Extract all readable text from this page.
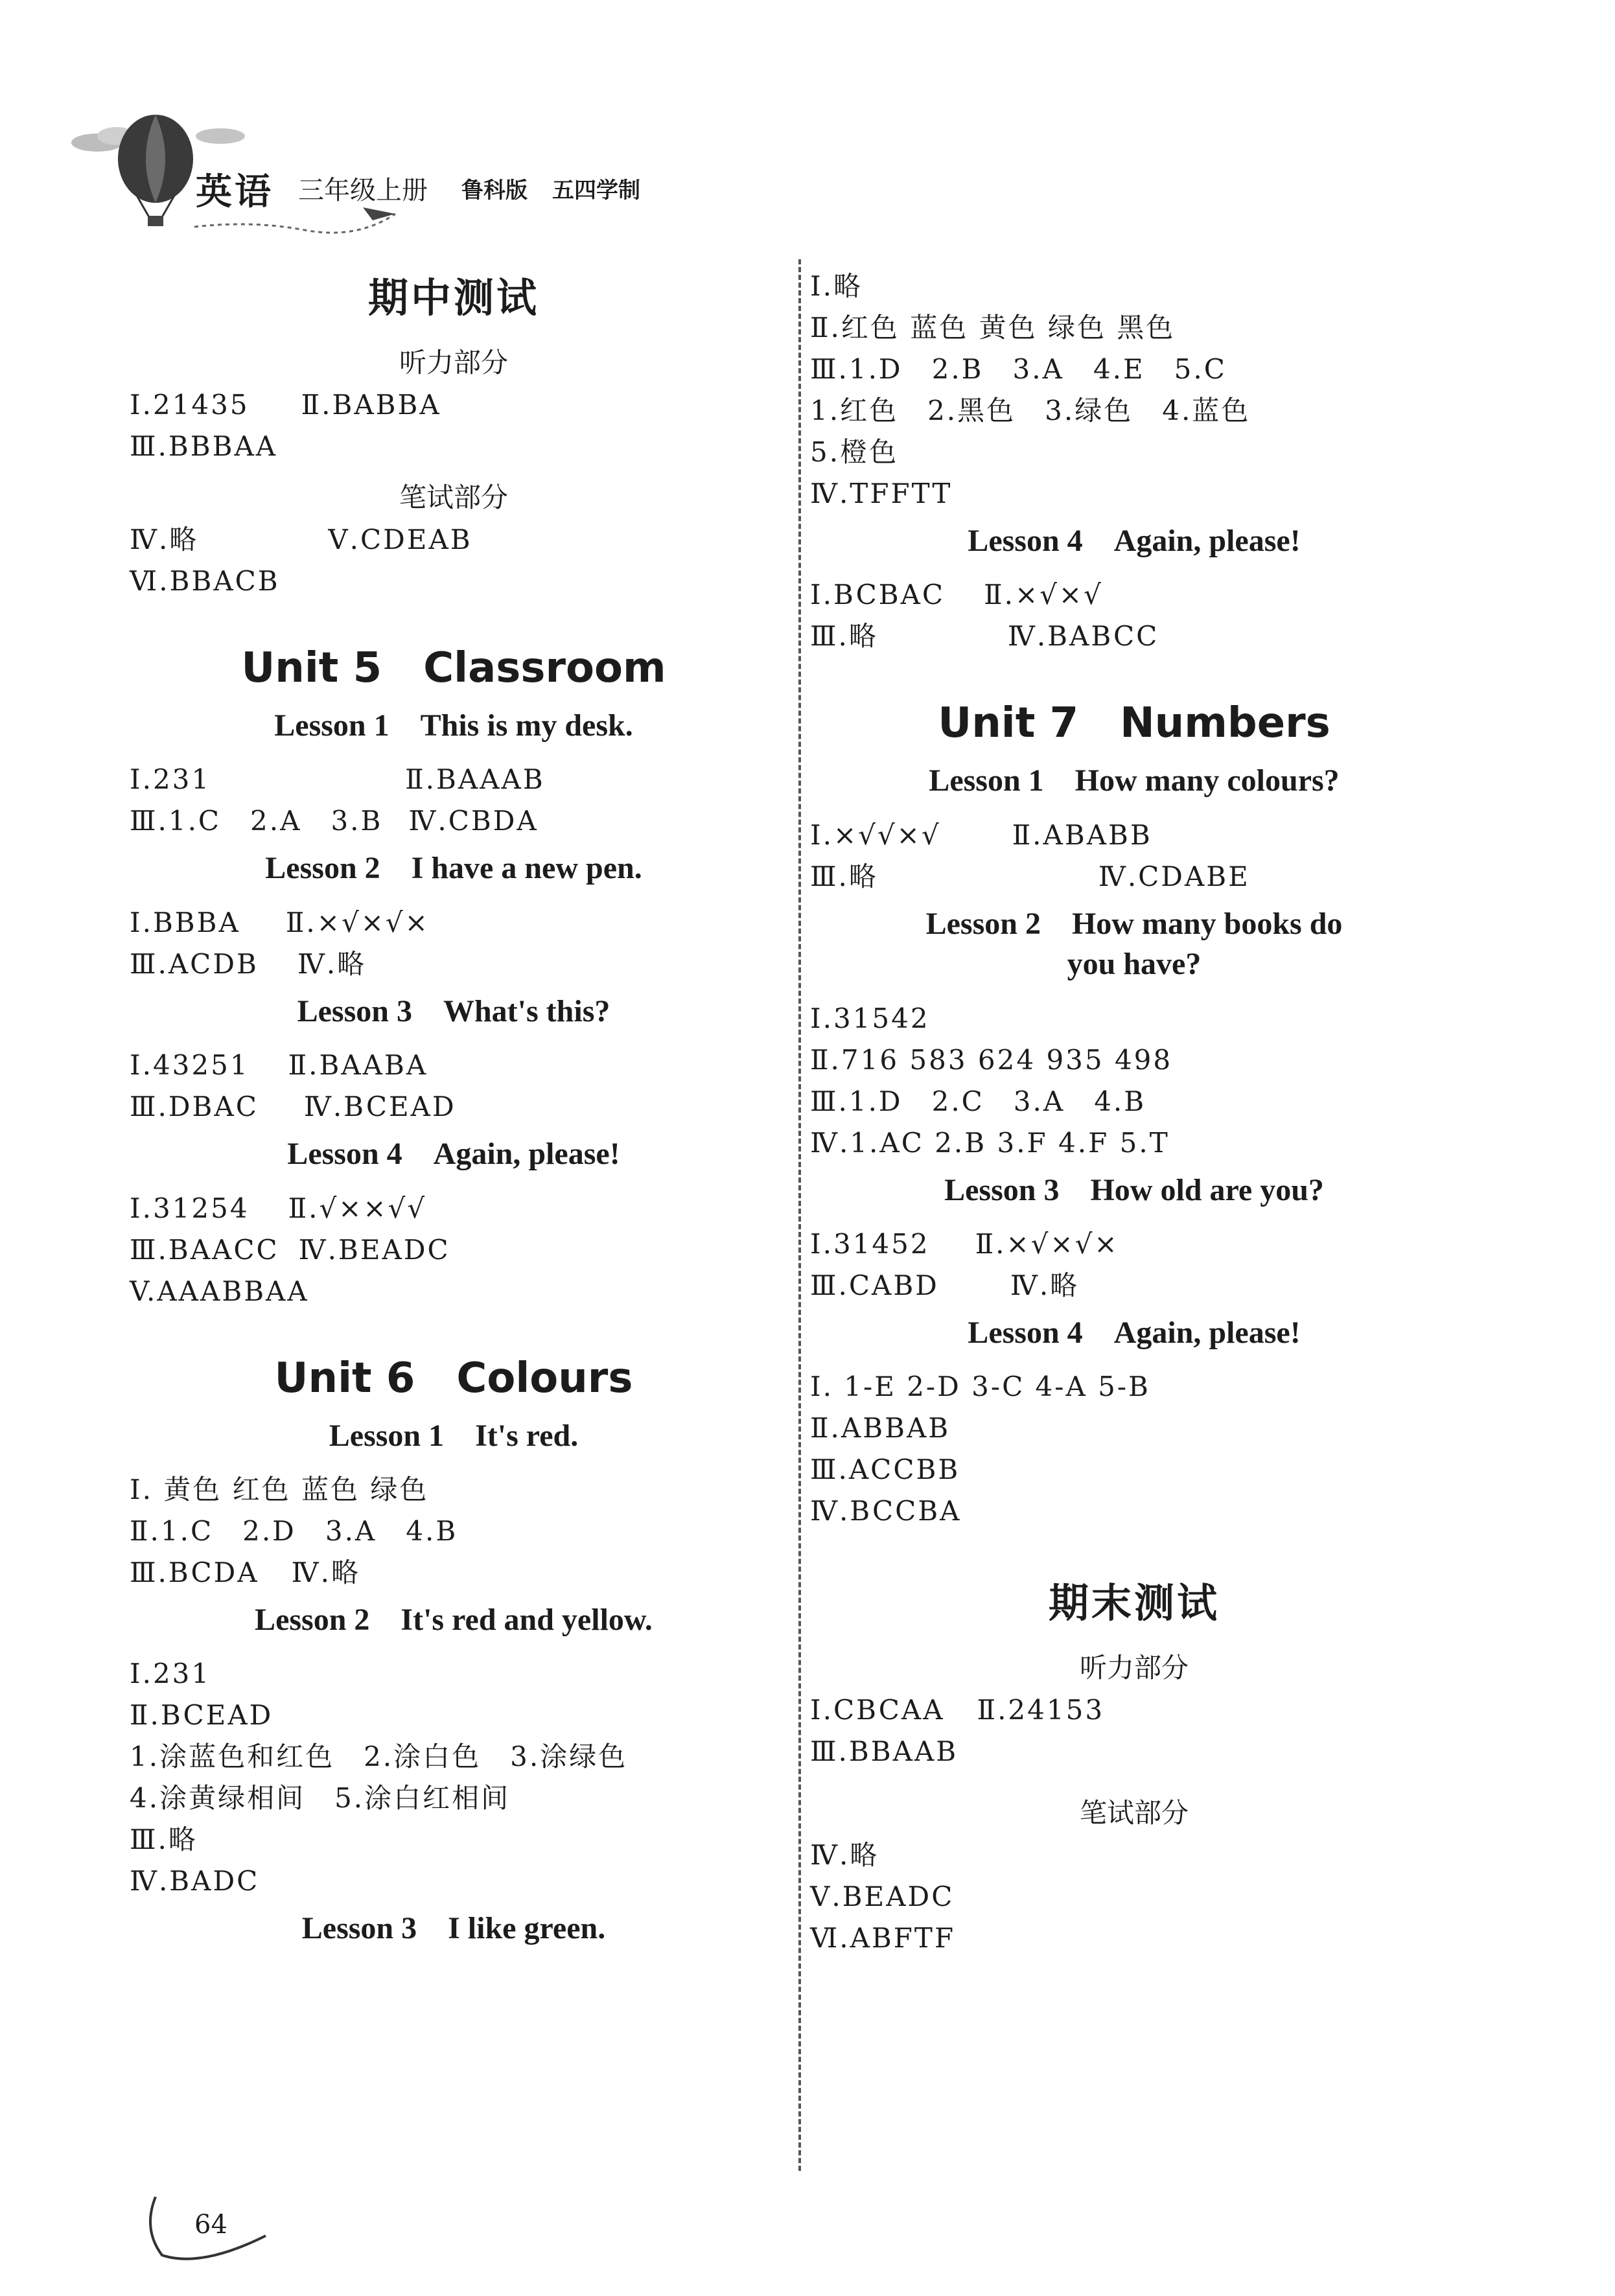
英语 三年级上册 鲁科版 五四学制
期中测试
听力部分
Ⅰ.21435 Ⅱ.BABBA
Ⅲ.BBBAA
笔试部分
Ⅳ.略	Ⅴ.CDEAB
Ⅵ.BBACB
Unit 5　Classroom
Lesson 1　This is my desk.
Ⅰ.231	Ⅱ.BAAAB
Ⅲ.1.C　2.A　3.B Ⅳ.CBDA
Lesson 2　I have a new pen.
Ⅰ.BBBA Ⅱ.×√×√×
Ⅲ.ACDB Ⅳ.略
Lesson 3　What's this?
Ⅰ.43251 Ⅱ.BAABA
Ⅲ.DBAC Ⅳ.BCEAD
Lesson 4　Again, please!
Ⅰ.31254 Ⅱ.√××√√
Ⅲ.BAACC Ⅳ.BEADC
V.AAABBAA
Unit 6　Colours
Lesson 1　It's red.
Ⅰ. 黄色 红色 蓝色 绿色
Ⅱ.1.C　2.D　3.A　4.B
Ⅲ.BCDA Ⅳ.略
Lesson 2　It's red and yellow.
Ⅰ.231
Ⅱ.BCEAD
1.涂蓝色和红色　2.涂白色　3.涂绿色
4.涂黄绿相间　5.涂白红相间
Ⅲ.略
Ⅳ.BADC
Lesson 3　I like green.
Ⅰ.略
Ⅱ.红色 蓝色 黄色 绿色 黑色
Ⅲ.1.D　2.B　3.A　4.E　5.C
1.红色　2.黑色　3.绿色　4.蓝色
5.橙色
Ⅳ.TFFTT
Lesson 4　Again, please!
Ⅰ.BCBAC Ⅱ.×√×√
Ⅲ.略	Ⅳ.BABCC
Unit 7　Numbers
Lesson 1　How many colours?
Ⅰ.×√√×√	Ⅱ.ABABB
Ⅲ.略	Ⅳ.CDABE
Lesson 2　How many books do you have?
Ⅰ.31542
Ⅱ.716 583 624 935 498
Ⅲ.1.D　2.C　3.A　4.B
Ⅳ.1.AC 2.B 3.F 4.F 5.T
Lesson 3　How old are you?
Ⅰ.31452 Ⅱ.×√×√×
Ⅲ.CABD	Ⅳ.略
Lesson 4　Again, please!
Ⅰ. 1-E 2-D 3-C 4-A 5-B
Ⅱ.ABBAB
Ⅲ.ACCBB
Ⅳ.BCCBA
期末测试
听力部分
Ⅰ.CBCAA Ⅱ.24153
Ⅲ.BBAAB
笔试部分
Ⅳ.略
Ⅴ.BEADC
Ⅵ.ABFTF
64
